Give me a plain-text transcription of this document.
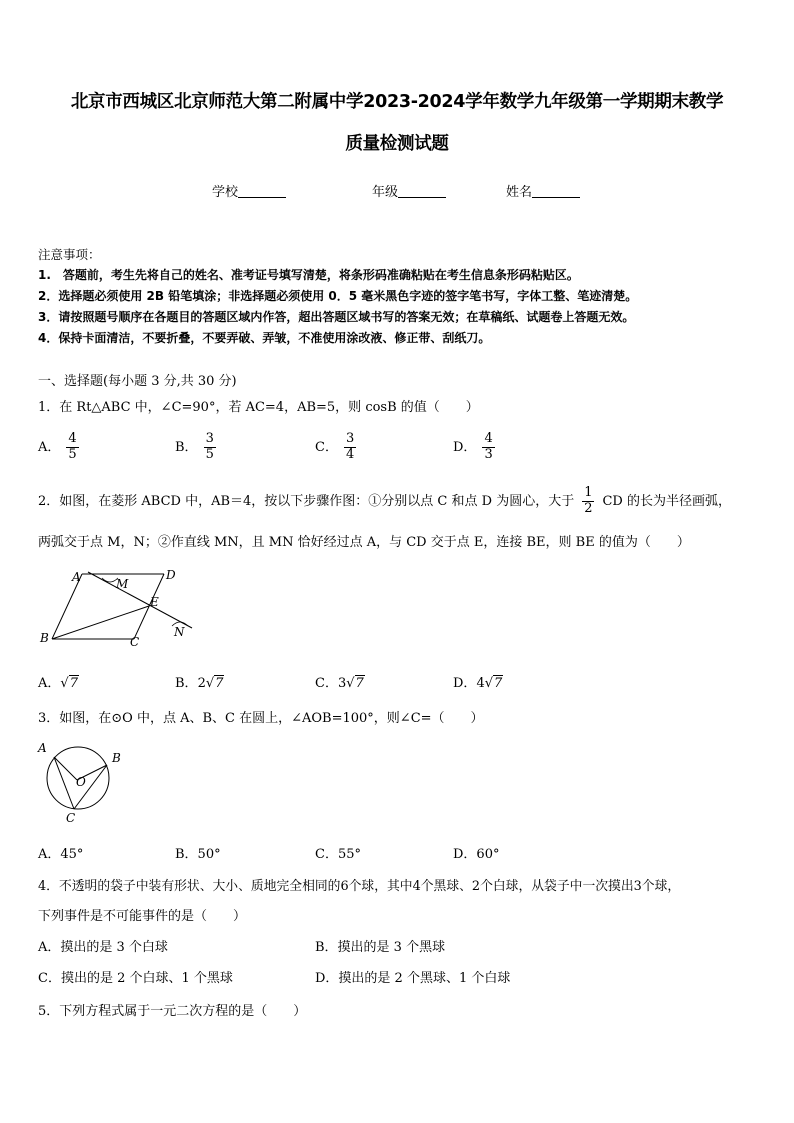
北京市西城区北京师范大第二附属中学2023-2024学年数学九年级第一学期期末教学
质量检测试题
学校	年级	姓名
注意事项：
1.　答题前，考生先将自己的姓名、准考证号填写清楚，将条形码准确粘贴在考生信息条形码粘贴区。
2．选择题必须使用 2B 铅笔填涂；非选择题必须使用 0．5 毫米黑色字迹的签字笔书写，字体工整、笔迹清楚。
3．请按照题号顺序在各题目的答题区域内作答，超出答题区域书写的答案无效；在草稿纸、试题卷上答题无效。
4．保持卡面清洁，不要折叠，不要弄破、弄皱，不准使用涂改液、修正带、刮纸刀。
一、选择题(每小题 3 分,共 30 分)
1．在 Rt△ABC 中，∠C=90°，若 AC=4，AB=5，则 cosB 的值（　　）
A． $\frac{4}{5}$	B． $\frac{3}{5}$	C． $\frac{3}{4}$	D． $\frac{4}{3}$
2．如图，在菱形 ABCD 中，AB＝4，按以下步骤作图：①分别以点 C 和点 D 为圆心，大于 $\frac{1}{2}$ CD 的长为半径画弧，
两弧交于点 M，N；②作直线 MN，且 MN 恰好经过点 A，与 CD 交于点 E，连接 BE，则 BE 的值为（　　）
A	M
D
E
B	C
N
A．√7	B．2√7	C．3√7	D．4√7
3．如图，在⊙O 中，点 A、B、C 在圆上，∠AOB=100°，则∠C=（　　）
A
B
O
C
A．45°	B．50°	C．55°	D．60°
4．不透明的袋子中装有形状、大小、质地完全相同的6个球，其中4个黑球、2个白球，从袋子中一次摸出3个球，
下列事件是不可能事件的是（　　）
A．摸出的是 3 个白球	B．摸出的是 3 个黑球
C．摸出的是 2 个白球、1 个黑球	D．摸出的是 2 个黑球、1 个白球
5．下列方程式属于一元二次方程的是（　　）
